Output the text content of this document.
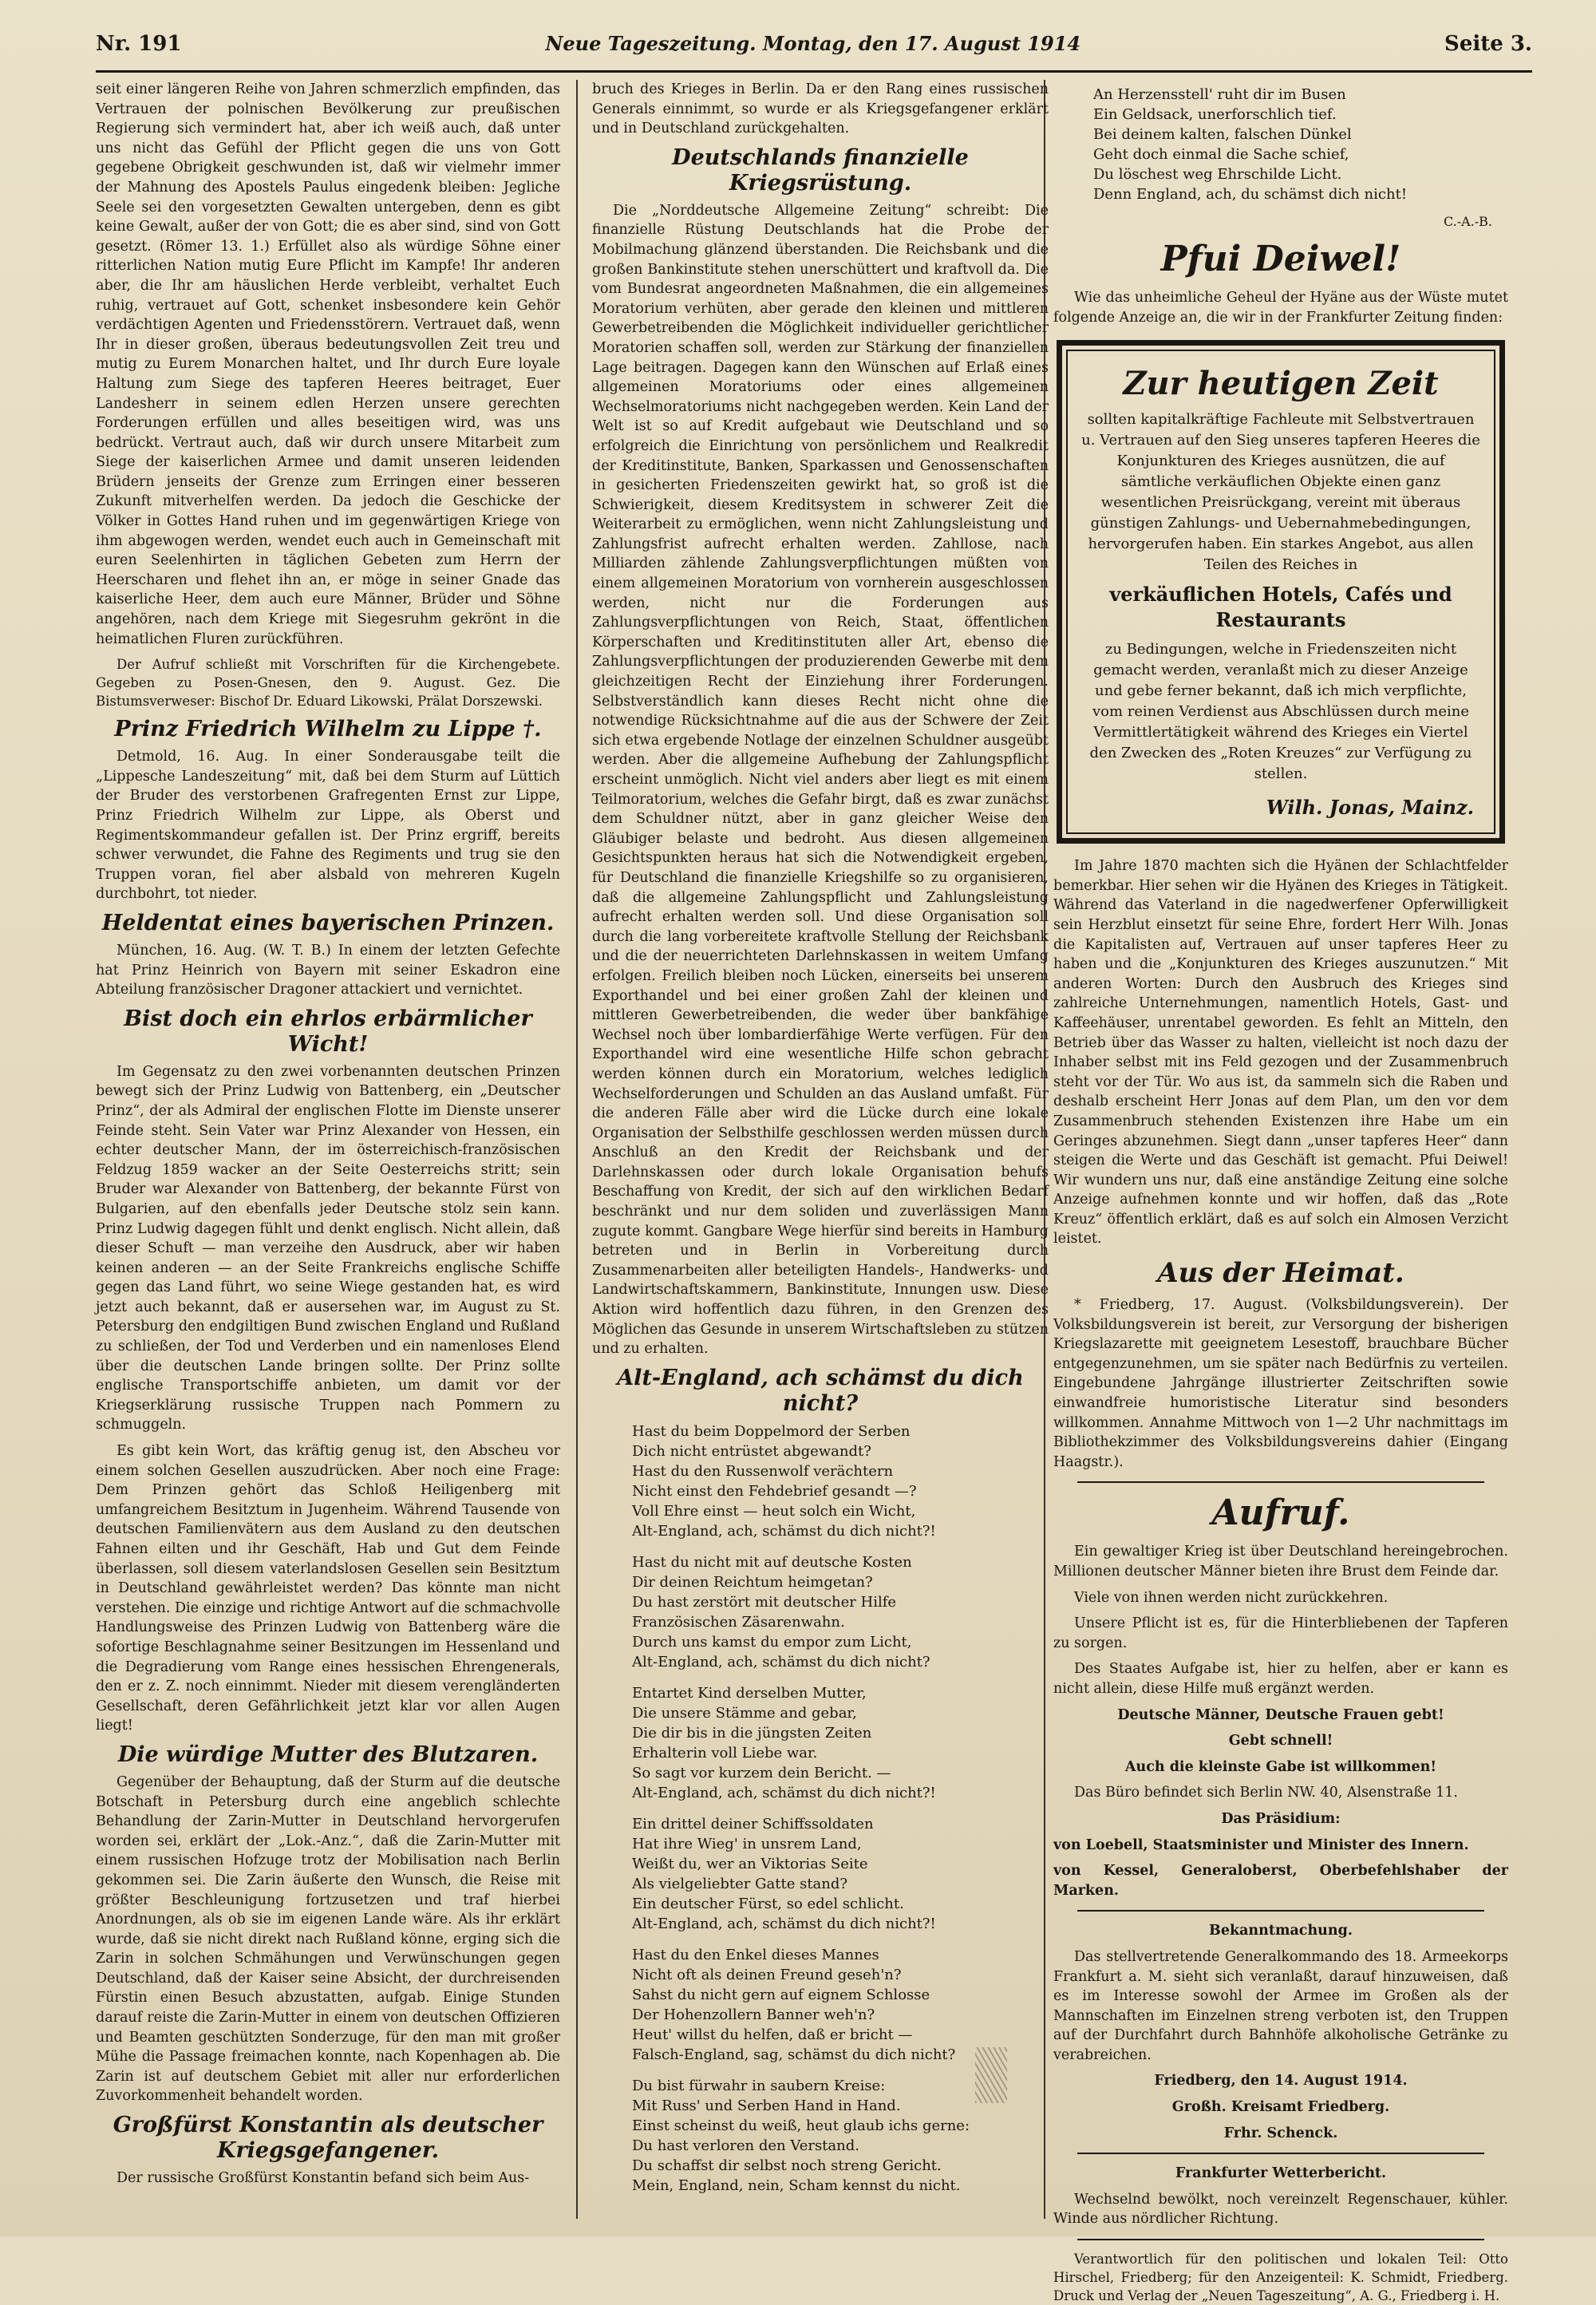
Nr. 191	Neue Tageszeitung. Montag, den 17. August 1914	Seite 3.

seit einer längeren Reihe von Jahren schmerzlich empfinden, das Vertrauen der polnischen Bevölkerung zur preußischen Regierung sich vermindert hat, aber ich weiß auch, daß unter uns nicht das Gefühl der Pflicht gegen die uns von Gott gegebene Obrigkeit geschwunden ist, daß wir vielmehr immer der Mahnung des Apostels Paulus eingedenk bleiben: Jegliche Seele sei den vorgesetzten Gewalten untergeben, denn es gibt keine Gewalt, außer der von Gott; die es aber sind, sind von Gott gesetzt. (Römer 13. 1.) Erfüllet also als würdige Söhne einer ritterlichen Nation mutig Eure Pflicht im Kampfe! Ihr anderen aber, die Ihr am häuslichen Herde verbleibt, verhaltet Euch ruhig, vertrauet auf Gott, schenket insbesondere kein Gehör verdächtigen Agenten und Friedensstörern. Vertrauet daß, wenn Ihr in dieser großen, überaus bedeutungsvollen Zeit treu und mutig zu Eurem Monarchen haltet, und Ihr durch Eure loyale Haltung zum Siege des tapferen Heeres beitraget, Euer Landesherr in seinem edlen Herzen unsere gerechten Forderungen erfüllen und alles beseitigen wird, was uns bedrückt. Vertraut auch, daß wir durch unsere Mitarbeit zum Siege der kaiserlichen Armee und damit unseren leidenden Brüdern jenseits der Grenze zum Erringen einer besseren Zukunft mitverhelfen werden. Da jedoch die Geschicke der Völker in Gottes Hand ruhen und im gegenwärtigen Kriege von ihm abgewogen werden, wendet euch auch in Gemeinschaft mit euren Seelenhirten in täglichen Gebeten zum Herrn der Heerscharen und flehet ihn an, er möge in seiner Gnade das kaiserliche Heer, dem auch eure Männer, Brüder und Söhne angehören, nach dem Kriege mit Siegesruhm gekrönt in die heimatlichen Fluren zurückführen.

Der Aufruf schließt mit Vorschriften für die Kirchengebete. Gegeben zu Posen-Gnesen, den 9. August. Gez. Die Bistumsverweser: Bischof Dr. Eduard Likowski, Prälat Dorszewski.

Prinz Friedrich Wilhelm zu Lippe †.

Detmold, 16. Aug. In einer Sonderausgabe teilt die „Lippesche Landeszeitung“ mit, daß bei dem Sturm auf Lüttich der Bruder des verstorbenen Grafregenten Ernst zur Lippe, Prinz Friedrich Wilhelm zur Lippe, als Oberst und Regimentskommandeur gefallen ist. Der Prinz ergriff, bereits schwer verwundet, die Fahne des Regiments und trug sie den Truppen voran, fiel aber alsbald von mehreren Kugeln durchbohrt, tot nieder.

Heldentat eines bayerischen Prinzen.

München, 16. Aug. (W. T. B.) In einem der letzten Gefechte hat Prinz Heinrich von Bayern mit seiner Eskadron eine Abteilung französischer Dragoner attackiert und vernichtet.

Bist doch ein ehrlos erbärmlicher Wicht!

Im Gegensatz zu den zwei vorbenannten deutschen Prinzen bewegt sich der Prinz Ludwig von Battenberg, ein „Deutscher Prinz“, der als Admiral der englischen Flotte im Dienste unserer Feinde steht. Sein Vater war Prinz Alexander von Hessen, ein echter deutscher Mann, der im österreichisch-französischen Feldzug 1859 wacker an der Seite Oesterreichs stritt; sein Bruder war Alexander von Battenberg, der bekannte Fürst von Bulgarien, auf den ebenfalls jeder Deutsche stolz sein kann. Prinz Ludwig dagegen fühlt und denkt englisch. Nicht allein, daß dieser Schuft — man verzeihe den Ausdruck, aber wir haben keinen anderen — an der Seite Frankreichs englische Schiffe gegen das Land führt, wo seine Wiege gestanden hat, es wird jetzt auch bekannt, daß er ausersehen war, im August zu St. Petersburg den endgiltigen Bund zwischen England und Rußland zu schließen, der Tod und Verderben und ein namenloses Elend über die deutschen Lande bringen sollte. Der Prinz sollte englische Transportschiffe anbieten, um damit vor der Kriegserklärung russische Truppen nach Pommern zu schmuggeln.

Es gibt kein Wort, das kräftig genug ist, den Abscheu vor einem solchen Gesellen auszudrücken. Aber noch eine Frage: Dem Prinzen gehört das Schloß Heiligenberg mit umfangreichem Besitztum in Jugenheim. Während Tausende von deutschen Familienvätern aus dem Ausland zu den deutschen Fahnen eilten und ihr Geschäft, Hab und Gut dem Feinde überlassen, soll diesem vaterlandslosen Gesellen sein Besitztum in Deutschland gewährleistet werden? Das könnte man nicht verstehen. Die einzige und richtige Antwort auf die schmachvolle Handlungsweise des Prinzen Ludwig von Battenberg wäre die sofortige Beschlagnahme seiner Besitzungen im Hessenland und die Degradierung vom Range eines hessischen Ehrengenerals, den er z. Z. noch einnimmt. Nieder mit diesem verengländerten Gesellschaft, deren Gefährlichkeit jetzt klar vor allen Augen liegt!

Die würdige Mutter des Blutzaren.

Gegenüber der Behauptung, daß der Sturm auf die deutsche Botschaft in Petersburg durch eine angeblich schlechte Behandlung der Zarin-Mutter in Deutschland hervorgerufen worden sei, erklärt der „Lok.-Anz.“, daß die Zarin-Mutter mit einem russischen Hofzuge trotz der Mobilisation nach Berlin gekommen sei. Die Zarin äußerte den Wunsch, die Reise mit größter Beschleunigung fortzusetzen und traf hierbei Anordnungen, als ob sie im eigenen Lande wäre. Als ihr erklärt wurde, daß sie nicht direkt nach Rußland könne, erging sich die Zarin in solchen Schmähungen und Verwünschungen gegen Deutschland, daß der Kaiser seine Absicht, der durchreisenden Fürstin einen Besuch abzustatten, aufgab. Einige Stunden darauf reiste die Zarin-Mutter in einem von deutschen Offizieren und Beamten geschützten Sonderzuge, für den man mit großer Mühe die Passage freimachen konnte, nach Kopenhagen ab. Die Zarin ist auf deutschem Gebiet mit aller nur erforderlichen Zuvorkommenheit behandelt worden.

Großfürst Konstantin als deutscher Kriegsgefangener.

Der russische Großfürst Konstantin befand sich beim Aus-

bruch des Krieges in Berlin. Da er den Rang eines russischen Generals einnimmt, so wurde er als Kriegsgefangener erklärt und in Deutschland zurückgehalten.

Deutschlands finanzielle Kriegsrüstung.

Die „Norddeutsche Allgemeine Zeitung“ schreibt: Die finanzielle Rüstung Deutschlands hat die Probe der Mobilmachung glänzend überstanden. Die Reichsbank und die großen Bankinstitute stehen unerschüttert und kraftvoll da. Die vom Bundesrat angeordneten Maßnahmen, die ein allgemeines Moratorium verhüten, aber gerade den kleinen und mittleren Gewerbetreibenden die Möglichkeit individueller gerichtlicher Moratorien schaffen soll, werden zur Stärkung der finanziellen Lage beitragen. Dagegen kann den Wünschen auf Erlaß eines allgemeinen Moratoriums oder eines allgemeinen Wechselmoratoriums nicht nachgegeben werden. Kein Land der Welt ist so auf Kredit aufgebaut wie Deutschland und so erfolgreich die Einrichtung von persönlichem und Realkredit der Kreditinstitute, Banken, Sparkassen und Genossenschaften in gesicherten Friedenszeiten gewirkt hat, so groß ist die Schwierigkeit, diesem Kreditsystem in schwerer Zeit die Weiterarbeit zu ermöglichen, wenn nicht Zahlungsleistung und Zahlungsfrist aufrecht erhalten werden. Zahllose, nach Milliarden zählende Zahlungsverpflichtungen müßten von einem allgemeinen Moratorium von vornherein ausgeschlossen werden, nicht nur die Forderungen aus Zahlungsverpflichtungen von Reich, Staat, öffentlichen Körperschaften und Kreditinstituten aller Art, ebenso die Zahlungsverpflichtungen der produzierenden Gewerbe mit dem gleichzeitigen Recht der Einziehung ihrer Forderungen. Selbstverständlich kann dieses Recht nicht ohne die notwendige Rücksichtnahme auf die aus der Schwere der Zeit sich etwa ergebende Notlage der einzelnen Schuldner ausgeübt werden. Aber die allgemeine Aufhebung der Zahlungspflicht erscheint unmöglich. Nicht viel anders aber liegt es mit einem Teilmoratorium, welches die Gefahr birgt, daß es zwar zunächst dem Schuldner nützt, aber in ganz gleicher Weise den Gläubiger belaste und bedroht. Aus diesen allgemeinen Gesichtspunkten heraus hat sich die Notwendigkeit ergeben, für Deutschland die finanzielle Kriegshilfe so zu organisieren, daß die allgemeine Zahlungspflicht und Zahlungsleistung aufrecht erhalten werden soll. Und diese Organisation soll durch die lang vorbereitete kraftvolle Stellung der Reichsbank und die der neuerrichteten Darlehnskassen in weitem Umfang erfolgen. Freilich bleiben noch Lücken, einerseits bei unserem Exporthandel und bei einer großen Zahl der kleinen und mittleren Gewerbetreibenden, die weder über bankfähige Wechsel noch über lombardierfähige Werte verfügen. Für den Exporthandel wird eine wesentliche Hilfe schon gebracht werden können durch ein Moratorium, welches lediglich Wechselforderungen und Schulden an das Ausland umfaßt. Für die anderen Fälle aber wird die Lücke durch eine lokale Organisation der Selbsthilfe geschlossen werden müssen durch Anschluß an den Kredit der Reichsbank und der Darlehnskassen oder durch lokale Organisation behufs Beschaffung von Kredit, der sich auf den wirklichen Bedarf beschränkt und nur dem soliden und zuverlässigen Mann zugute kommt. Gangbare Wege hierfür sind bereits in Hamburg betreten und in Berlin in Vorbereitung durch Zusammenarbeiten aller beteiligten Handels-, Handwerks- und Landwirtschaftskammern, Bankinstitute, Innungen usw. Diese Aktion wird hoffentlich dazu führen, in den Grenzen des Möglichen das Gesunde in unserem Wirtschaftsleben zu stützen und zu erhalten.

Alt-England, ach schämst du dich nicht?
Hast du beim Doppelmord der Serben
Dich nicht entrüstet abgewandt?
Hast du den Russenwolf verächtern
Nicht einst den Fehdebrief gesandt —?
Voll Ehre einst — heut solch ein Wicht,
Alt-England, ach, schämst du dich nicht?!
Hast du nicht mit auf deutsche Kosten
Dir deinen Reichtum heimgetan?
Du hast zerstört mit deutscher Hilfe
Französischen Zäsarenwahn.
Durch uns kamst du empor zum Licht,
Alt-England, ach, schämst du dich nicht?
Entartet Kind derselben Mutter,
Die unsere Stämme and gebar,
Die dir bis in die jüngsten Zeiten
Erhalterin voll Liebe war.
So sagt vor kurzem dein Bericht. —
Alt-England, ach, schämst du dich nicht?!
Ein drittel deiner Schiffssoldaten
Hat ihre Wieg' in unsrem Land,
Weißt du, wer an Viktorias Seite
Als vielgeliebter Gatte stand?
Ein deutscher Fürst, so edel schlicht.
Alt-England, ach, schämst du dich nicht?!
Hast du den Enkel dieses Mannes
Nicht oft als deinen Freund geseh'n?
Sahst du nicht gern auf eignem Schlosse
Der Hohenzollern Banner weh'n?
Heut' willst du helfen, daß er bricht —
Falsch-England, sag, schämst du dich nicht?
Du bist fürwahr in saubern Kreise:
Mit Russ' und Serben Hand in Hand.
Einst scheinst du weiß, heut glaub ichs gerne:
Du hast verloren den Verstand.
Du schaffst dir selbst noch streng Gericht.
Mein, England, nein, Scham kennst du nicht.
An Herzensstell' ruht dir im Busen
Ein Geldsack, unerforschlich tief.
Bei deinem kalten, falschen Dünkel
Geht doch einmal die Sache schief,
Du löschest weg Ehrschilde Licht.
Denn England, ach, du schämst dich nicht!
C.-A.-B.
Pfui Deiwel!

Wie das unheimliche Geheul der Hyäne aus der Wüste mutet folgende Anzeige an, die wir in der Frankfurter Zeitung finden:

Zur heutigen Zeit

sollten kapitalkräftige Fachleute mit Selbstvertrauen u. Vertrauen auf den Sieg unseres tapferen Heeres die Konjunkturen des Krieges ausnützen, die auf sämtliche verkäuflichen Objekte einen ganz wesentlichen Preisrückgang, vereint mit überaus günstigen Zahlungs- und Uebernahmebedingungen, hervorgerufen haben. Ein starkes Angebot, aus allen Teilen des Reiches in

verkäuflichen Hotels, Cafés und Restaurants

zu Bedingungen, welche in Friedenszeiten nicht gemacht werden, veranlaßt mich zu dieser Anzeige und gebe ferner bekannt, daß ich mich verpflichte, vom reinen Verdienst aus Abschlüssen durch meine Vermittlertätigkeit während des Krieges ein Viertel den Zwecken des „Roten Kreuzes“ zur Verfügung zu stellen.

Wilh. Jonas, Mainz.

Im Jahre 1870 machten sich die Hyänen der Schlachtfelder bemerkbar. Hier sehen wir die Hyänen des Krieges in Tätigkeit. Während das Vaterland in die nagedwerfener Opferwilligkeit sein Herzblut einsetzt für seine Ehre, fordert Herr Wilh. Jonas die Kapitalisten auf, Vertrauen auf unser tapferes Heer zu haben und die „Konjunkturen des Krieges auszunutzen.“ Mit anderen Worten: Durch den Ausbruch des Krieges sind zahlreiche Unternehmungen, namentlich Hotels, Gast- und Kaffeehäuser, unrentabel geworden. Es fehlt an Mitteln, den Betrieb über das Wasser zu halten, vielleicht ist noch dazu der Inhaber selbst mit ins Feld gezogen und der Zusammenbruch steht vor der Tür. Wo aus ist, da sammeln sich die Raben und deshalb erscheint Herr Jonas auf dem Plan, um den vor dem Zusammenbruch stehenden Existenzen ihre Habe um ein Geringes abzunehmen. Siegt dann „unser tapferes Heer“ dann steigen die Werte und das Geschäft ist gemacht. Pfui Deiwel! Wir wundern uns nur, daß eine anständige Zeitung eine solche Anzeige aufnehmen konnte und wir hoffen, daß das „Rote Kreuz“ öffentlich erklärt, daß es auf solch ein Almosen Verzicht leistet.

Aus der Heimat.

* Friedberg, 17. August. (Volksbildungsverein). Der Volksbildungsverein ist bereit, zur Versorgung der bisherigen Kriegslazarette mit geeignetem Lesestoff, brauchbare Bücher entgegenzunehmen, um sie später nach Bedürfnis zu verteilen. Eingebundene Jahrgänge illustrierter Zeitschriften sowie einwandfreie humoristische Literatur sind besonders willkommen. Annahme Mittwoch von 1—2 Uhr nachmittags im Bibliothekzimmer des Volksbildungsvereins dahier (Eingang Haagstr.).

Aufruf.

Ein gewaltiger Krieg ist über Deutschland hereingebrochen. Millionen deutscher Männer bieten ihre Brust dem Feinde dar.

Viele von ihnen werden nicht zurückkehren.

Unsere Pflicht ist es, für die Hinterbliebenen der Tapferen zu sorgen.

Des Staates Aufgabe ist, hier zu helfen, aber er kann es nicht allein, diese Hilfe muß ergänzt werden.

Deutsche Männer, Deutsche Frauen gebt!

Gebt schnell!

Auch die kleinste Gabe ist willkommen!

Das Büro befindet sich Berlin NW. 40, Alsenstraße 11.

Das Präsidium:

von Loebell, Staatsminister und Minister des Innern.

von Kessel, Generaloberst, Oberbefehlshaber der Marken.

Bekanntmachung.

Das stellvertretende Generalkommando des 18. Armeekorps Frankfurt a. M. sieht sich veranlaßt, darauf hinzuweisen, daß es im Interesse sowohl der Armee im Großen als der Mannschaften im Einzelnen streng verboten ist, den Truppen auf der Durchfahrt durch Bahnhöfe alkoholische Getränke zu verabreichen.

Friedberg, den 14. August 1914.

Großh. Kreisamt Friedberg.

Frhr. Schenck.

Frankfurter Wetterbericht.

Wechselnd bewölkt, noch vereinzelt Regenschauer, kühler. Winde aus nördlicher Richtung.

Verantwortlich für den politischen und lokalen Teil: Otto Hirschel, Friedberg; für den Anzeigenteil: K. Schmidt, Friedberg. Druck und Verlag der „Neuen Tageszeitung“, A. G., Friedberg i. H.
